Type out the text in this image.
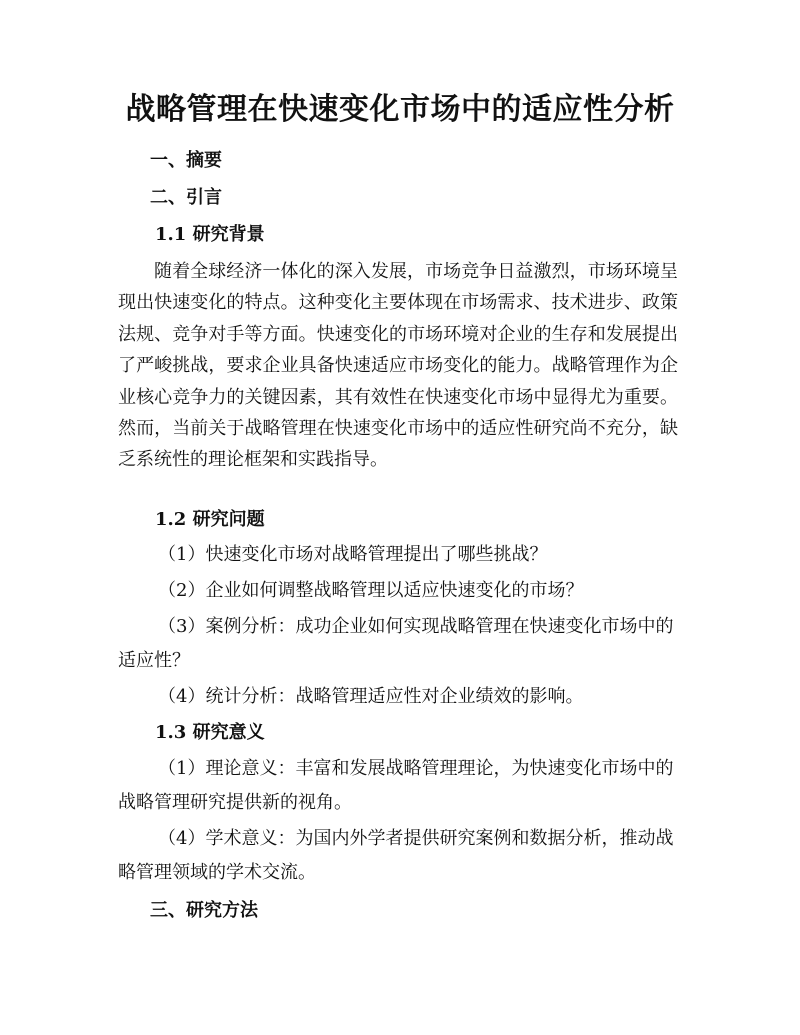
战略管理在快速变化市场中的适应性分析
一、摘要
二、引言
1.1 研究背景

随着全球经济一体化的深入发展，市场竞争日益激烈，市场环境呈现出快速变化的特点。这种变化主要体现在市场需求、技术进步、政策法规、竞争对手等方面。快速变化的市场环境对企业的生存和发展提出了严峻挑战，要求企业具备快速适应市场变化的能力。战略管理作为企业核心竞争力的关键因素，其有效性在快速变化市场中显得尤为重要。然而，当前关于战略管理在快速变化市场中的适应性研究尚不充分，缺乏系统性的理论框架和实践指导。

1.2 研究问题

（1）快速变化市场对战略管理提出了哪些挑战？

（2）企业如何调整战略管理以适应快速变化的市场？

（3）案例分析：成功企业如何实现战略管理在快速变化市场中的适应性？

（4）统计分析：战略管理适应性对企业绩效的影响。

1.3 研究意义

（1）理论意义：丰富和发展战略管理理论，为快速变化市场中的战略管理研究提供新的视角。

（4）学术意义：为国内外学者提供研究案例和数据分析，推动战略管理领域的学术交流。

三、研究方法
